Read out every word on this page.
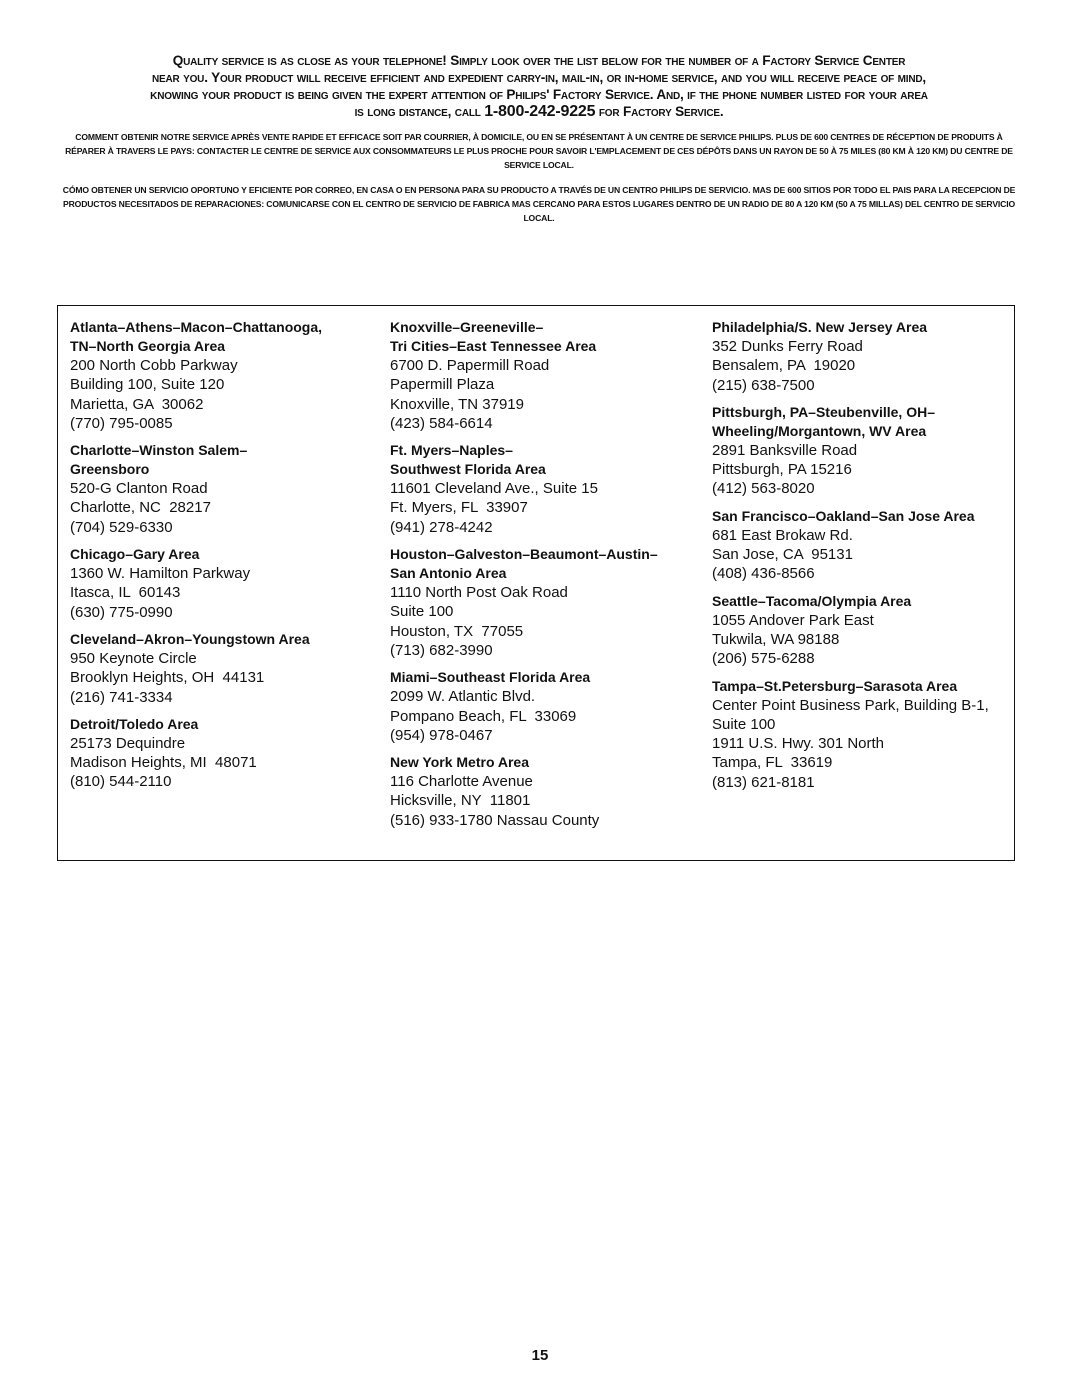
Quality service is as close as your telephone! Simply look over the list below for the number of a Factory Service Center
near you. Your product will receive efficient and expedient carry-in, mail-in, or in-home service, and you will receive peace of mind,
knowing your product is being given the expert attention of Philips' Factory Service. And, if the phone number listed for your area
is long distance, call 1-800-242-9225 for Factory Service.

COMMENT OBTENIR NOTRE SERVICE APRÈS VENTE RAPIDE ET EFFICACE SOIT PAR COURRIER, À DOMICILE, OU EN SE PRÉSENTANT À UN CENTRE DE SERVICE PHILIPS. PLUS DE 600 CENTRES DE RÉCEPTION DE PRODUITS À RÉPARER À TRAVERS LE PAYS: CONTACTER LE CENTRE DE SERVICE AUX CONSOMMATEURS LE PLUS PROCHE POUR SAVOIR L'EMPLACEMENT DE CES DÉPÔTS DANS UN RAYON DE 50 À 75 MILES (80 KM À 120 KM) DU CENTRE DE SERVICE LOCAL.

CÓMO OBTENER UN SERVICIO OPORTUNO Y EFICIENTE POR CORREO, EN CASA O EN PERSONA PARA SU PRODUCTO A TRAVÉS DE UN CENTRO PHILIPS DE SERVICIO. MAS DE 600 SITIOS POR TODO EL PAIS PARA LA RECEPCION DE PRODUCTOS NECESITADOS DE REPARACIONES: COMUNICARSE CON EL CENTRO DE SERVICIO DE FABRICA MAS CERCANO PARA ESTOS LUGARES DENTRO DE UN RADIO DE 80 A 120 KM (50 A 75 MILLAS) DEL CENTRO DE SERVICIO LOCAL.

Atlanta–Athens–Macon–Chattanooga,
TN–North Georgia Area
200 North Cobb Parkway
Building 100, Suite 120
Marietta, GA  30062
(770) 795-0085
Charlotte–Winston Salem–
Greensboro
520-G Clanton Road
Charlotte, NC  28217
(704) 529-6330
Chicago–Gary Area
1360 W. Hamilton Parkway
Itasca, IL  60143
(630) 775-0990
Cleveland–Akron–Youngstown Area
950 Keynote Circle
Brooklyn Heights, OH  44131
(216) 741-3334
Detroit/Toledo Area
25173 Dequindre
Madison Heights, MI  48071
(810) 544-2110
Knoxville–Greeneville–
Tri Cities–East Tennessee Area
6700 D. Papermill Road
Papermill Plaza
Knoxville, TN 37919
(423) 584-6614
Ft. Myers–Naples–
Southwest Florida Area
11601 Cleveland Ave., Suite 15
Ft. Myers, FL  33907
(941) 278-4242
Houston–Galveston–Beaumont–Austin–
San Antonio Area
1110 North Post Oak Road
Suite 100
Houston, TX  77055
(713) 682-3990
Miami–Southeast Florida Area
2099 W. Atlantic Blvd.
Pompano Beach, FL  33069
(954) 978-0467
New York Metro Area
116 Charlotte Avenue
Hicksville, NY  11801
(516) 933-1780 Nassau County
Philadelphia/S. New Jersey Area
352 Dunks Ferry Road
Bensalem, PA  19020
(215) 638-7500
Pittsburgh, PA–Steubenville, OH–
Wheeling/Morgantown, WV Area
2891 Banksville Road
Pittsburgh, PA 15216
(412) 563-8020
San Francisco–Oakland–San Jose Area
681 East Brokaw Rd.
San Jose, CA  95131
(408) 436-8566
Seattle–Tacoma/Olympia Area
1055 Andover Park East
Tukwila, WA 98188
(206) 575-6288
Tampa–St.Petersburg–Sarasota Area
Center Point Business Park, Building B-1,
Suite 100
1911 U.S. Hwy. 301 North
Tampa, FL  33619
(813) 621-8181
15
